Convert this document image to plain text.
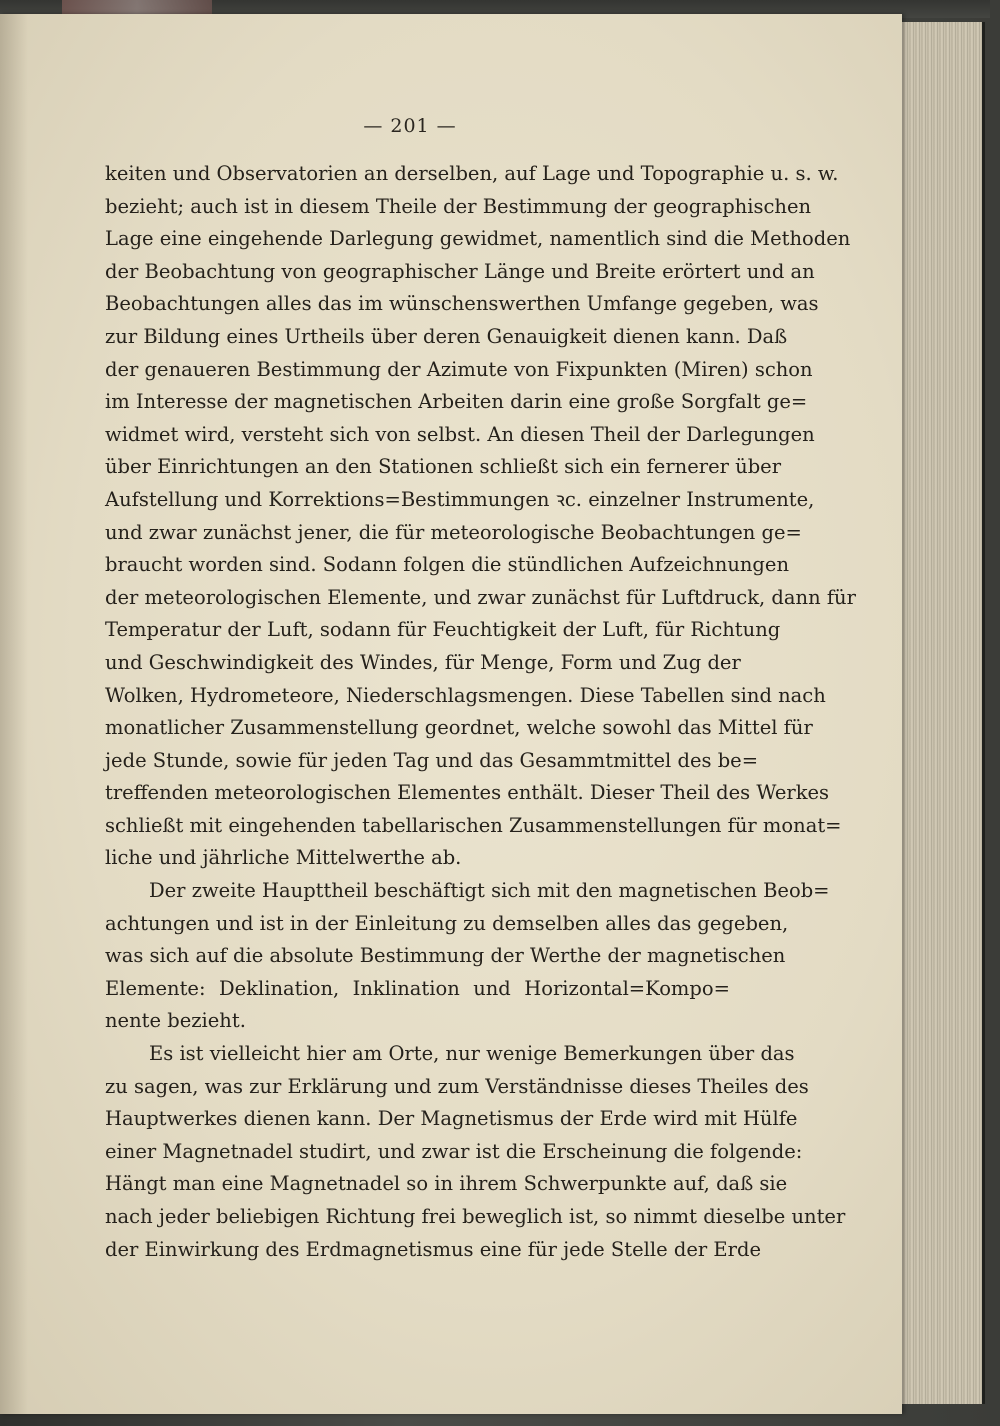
— 201 —
keiten und Observatorien an derselben, auf Lage und Topographie u. s. w.
bezieht; auch ist in diesem Theile der Bestimmung der geographischen
Lage eine eingehende Darlegung gewidmet, namentlich sind die Methoden
der Beobachtung von geographischer Länge und Breite erörtert und an
Beobachtungen alles das im wünschenswerthen Umfange gegeben, was
zur Bildung eines Urtheils über deren Genauigkeit dienen kann. Daß
der genaueren Bestimmung der Azimute von Fixpunkten (Miren) schon
im Interesse der magnetischen Arbeiten darin eine große Sorgfalt ge=
widmet wird, versteht sich von selbst. An diesen Theil der Darlegungen
über Einrichtungen an den Stationen schließt sich ein fernerer über
Aufstellung und Korrektions=Bestimmungen ꝛc. einzelner Instrumente,
und zwar zunächst jener, die für meteorologische Beobachtungen ge=
braucht worden sind. Sodann folgen die stündlichen Aufzeichnungen
der meteorologischen Elemente, und zwar zunächst für Luftdruck, dann für
Temperatur der Luft, sodann für Feuchtigkeit der Luft, für Richtung
und Geschwindigkeit des Windes, für Menge, Form und Zug der
Wolken, Hydrometeore, Niederschlagsmengen. Diese Tabellen sind nach
monatlicher Zusammenstellung geordnet, welche sowohl das Mittel für
jede Stunde, sowie für jeden Tag und das Gesammtmittel des be=
treffenden meteorologischen Elementes enthält. Dieser Theil des Werkes
schließt mit eingehenden tabellarischen Zusammenstellungen für monat=
liche und jährliche Mittelwerthe ab.
Der zweite Haupttheil beschäftigt sich mit den magnetischen Beob=
achtungen und ist in der Einleitung zu demselben alles das gegeben,
was sich auf die absolute Bestimmung der Werthe der magnetischen
Elemente: Deklination, Inklination und Horizontal=Kompo=
nente bezieht.
Es ist vielleicht hier am Orte, nur wenige Bemerkungen über das
zu sagen, was zur Erklärung und zum Verständnisse dieses Theiles des
Hauptwerkes dienen kann. Der Magnetismus der Erde wird mit Hülfe
einer Magnetnadel studirt, und zwar ist die Erscheinung die folgende:
Hängt man eine Magnetnadel so in ihrem Schwerpunkte auf, daß sie
nach jeder beliebigen Richtung frei beweglich ist, so nimmt dieselbe unter
der Einwirkung des Erdmagnetismus eine für jede Stelle der Erde
